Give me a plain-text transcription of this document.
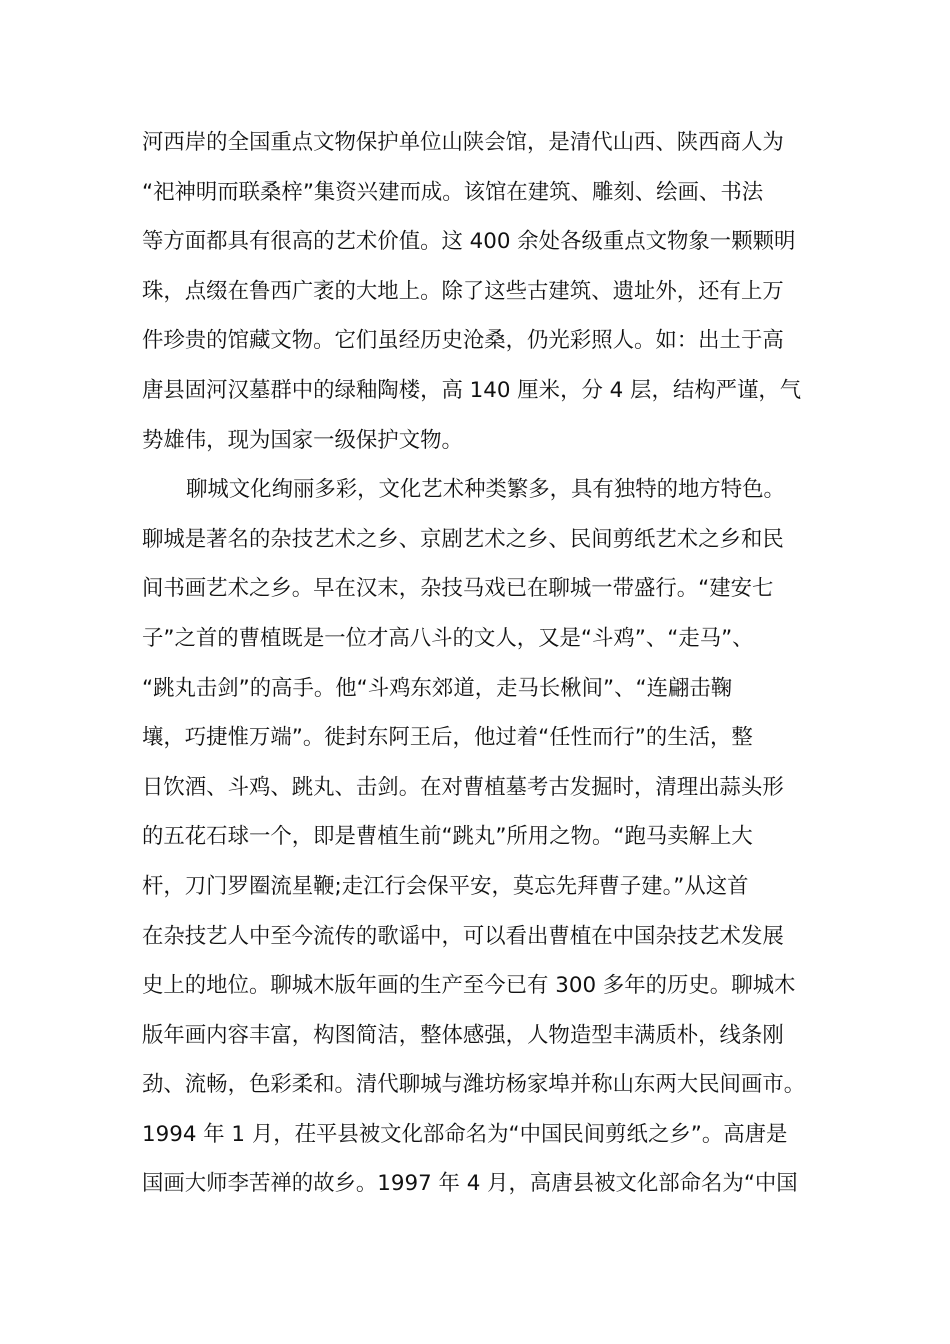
河西岸的全国重点文物保护单位山陕会馆，是清代山西、陕西商人为
“祀神明而联桑梓”集资兴建而成。该馆在建筑、雕刻、绘画、书法
等方面都具有很高的艺术价值。这 400 余处各级重点文物象一颗颗明
珠，点缀在鲁西广袤的大地上。除了这些古建筑、遗址外，还有上万
件珍贵的馆藏文物。它们虽经历史沧桑，仍光彩照人。如：出土于高
唐县固河汉墓群中的绿釉陶楼，高 140 厘米，分 4 层，结构严谨，气
势雄伟，现为国家一级保护文物。
聊城文化绚丽多彩，文化艺术种类繁多，具有独特的地方特色。
聊城是著名的杂技艺术之乡、京剧艺术之乡、民间剪纸艺术之乡和民
间书画艺术之乡。早在汉末，杂技马戏已在聊城一带盛行。“建安七
子”之首的曹植既是一位才高八斗的文人，又是“斗鸡”、“走马”、
“跳丸击剑”的高手。他“斗鸡东郊道，走马长楸间”、“连翩击鞠
壤，巧捷惟万端”。徙封东阿王后，他过着“任性而行”的生活，整
日饮酒、斗鸡、跳丸、击剑。在对曹植墓考古发掘时，清理出蒜头形
的五花石球一个，即是曹植生前“跳丸”所用之物。“跑马卖解上大
杆，刀门罗圈流星鞭;走江行会保平安，莫忘先拜曹子建。”从这首
在杂技艺人中至今流传的歌谣中，可以看出曹植在中国杂技艺术发展
史上的地位。聊城木版年画的生产至今已有 300 多年的历史。聊城木
版年画内容丰富，构图简洁，整体感强，人物造型丰满质朴，线条刚
劲、流畅，色彩柔和。清代聊城与潍坊杨家埠并称山东两大民间画市。
1994 年 1 月，茌平县被文化部命名为“中国民间剪纸之乡”。高唐是
国画大师李苦禅的故乡。1997 年 4 月，高唐县被文化部命名为“中国
